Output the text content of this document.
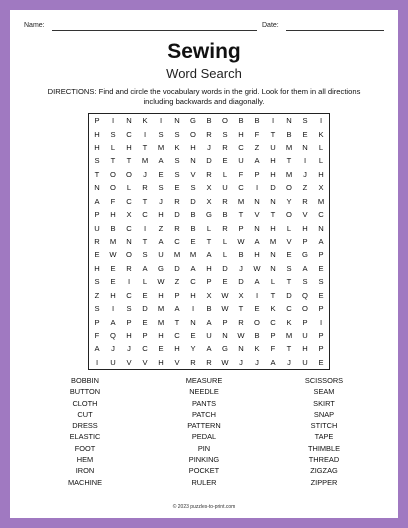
Name:	Date:
Sewing
Word Search
DIRECTIONS: Find and circle the vocabulary words in the grid. Look for them in all directions including backwards and diagonally.
P	I	N	K	I	N	G	B	O	B	B	I	N	S	I
H	S	C	I	S	S	O	R	S	H	F	T	B	E	K
H	L	H	T	M	K	H	J	R	C	Z	U	M	N	L
S	T	T	M	A	S	N	D	E	U	A	H	T	I	L
T	O	O	J	E	S	V	R	L	F	P	H	M	J	H
N	O	L	R	S	E	S	X	U	C	I	D	O	Z	X
A	F	C	T	J	R	D	X	R	M	N	N	Y	R	M
P	H	X	C	H	D	B	G	B	T	V	T	O	V	C
U	B	C	I	Z	R	B	L	R	P	N	H	L	H	N
R	M	N	T	A	C	E	T	L	W	A	M	V	P	A
E	W	O	S	U	M	M	A	L	B	H	N	E	G	P
H	E	R	A	G	D	A	H	D	J	W	N	S	A	E
S	E	I	L	W	Z	C	P	E	D	A	L	T	S	S
Z	H	C	E	H	P	H	X	W	X	I	T	D	Q	E
S	I	S	D	M	A	I	B	W	T	E	K	C	O	P
P	A	P	E	M	T	N	A	P	R	O	C	K	P	I
F	Q	H	P	H	C	E	U	N	W	B	P	M	U	P
A	J	J	C	E	H	Y	A	G	N	K	F	T	H	P
I	U	V	V	H	V	R	R	W	J	J	A	J	U	E
BOBBIN
BUTTON
CLOTH
CUT
DRESS
ELASTIC
FOOT
HEM
IRON
MACHINE
MEASURE
NEEDLE
PANTS
PATCH
PATTERN
PEDAL
PIN
PINKING
POCKET
RULER
SCISSORS
SEAM
SKIRT
SNAP
STITCH
TAPE
THIMBLE
THREAD
ZIGZAG
ZIPPER
© 2023 puzzles-to-print.com
